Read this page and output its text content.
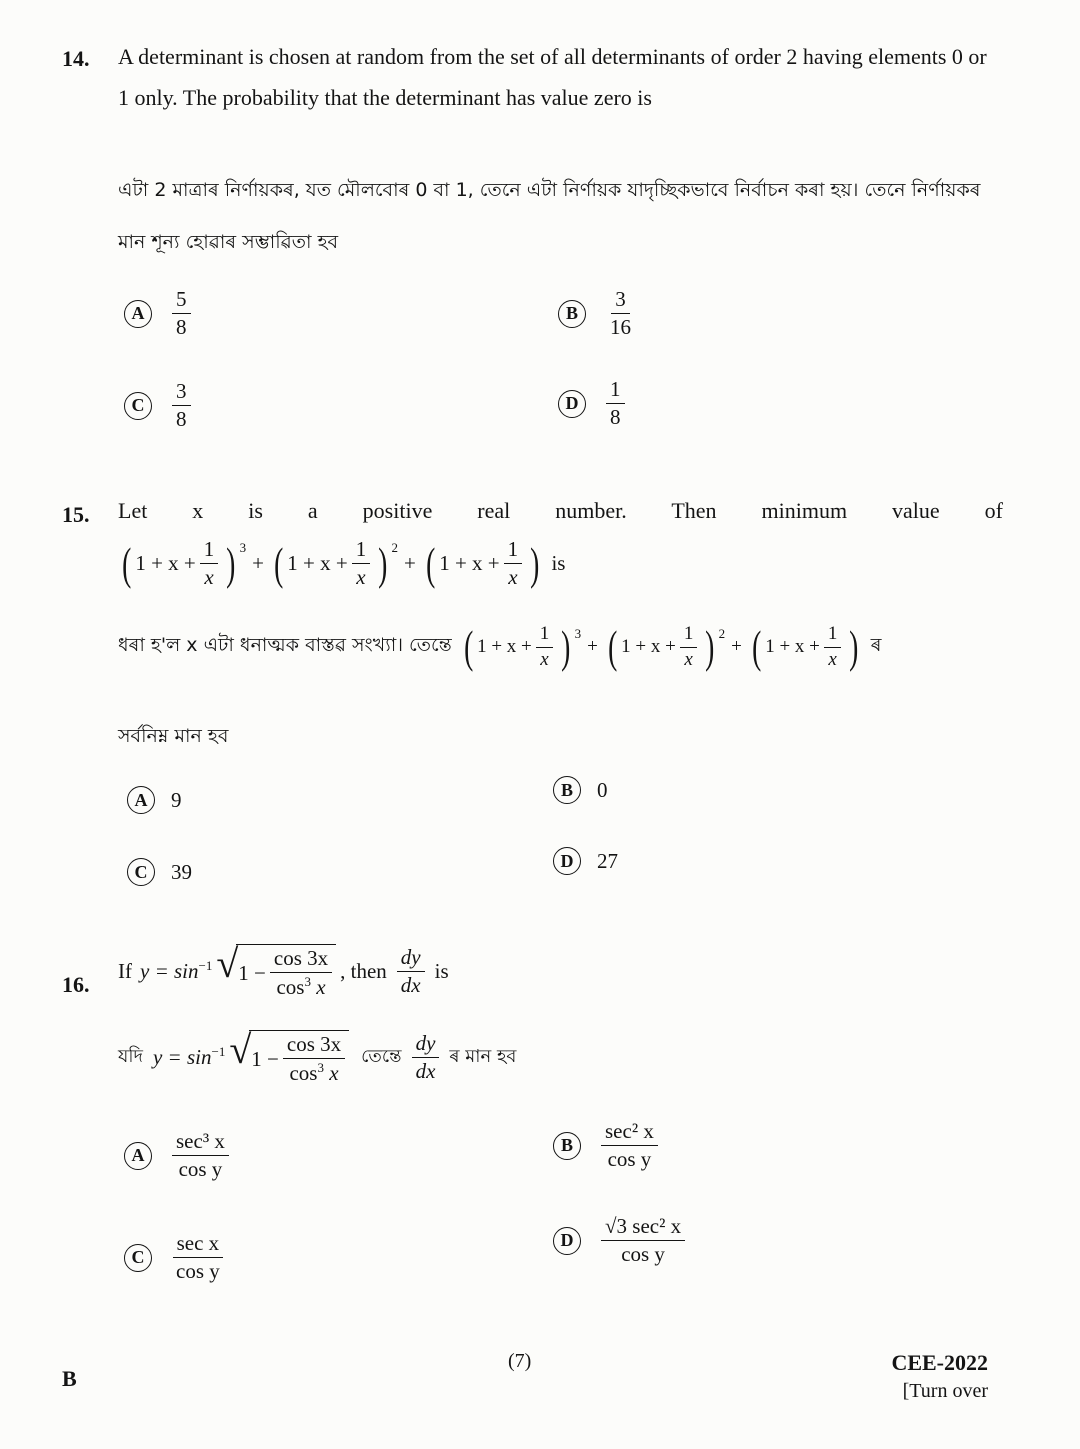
14. A determinant is chosen at random from the set of all determinants of order 2 having elements 0 or 1 only. The probability that the determinant has value zero is
এটা 2 মাত্ৰাৰ নিৰ্ণায়কৰ, যত মৌলবোৰ 0 বা 1, তেনে এটা নিৰ্ণায়ক যাদৃচ্ছিকভাবে নিৰ্বাচন কৰা হয়। তেনে নিৰ্ণায়কৰ মান শূন্য হোৱাৰ সম্ভাৱিতা হব
A	$\frac{5}{8}$	B	$\frac{3}{16}$
C	$\frac{3}{8}$	D	$\frac{1}{8}$
15. Let x is a positive real number. Then minimum value of
( $1 + x + \frac{1}{x}$ ) $^3$
+ ( $1 + x + \frac{1}{x}$ ) $^2$
+ ( $1 + x + \frac{1}{x}$ ) is
ধৰা হ'ল x এটা ধনাত্মক বাস্তৱ সংখ্যা। তেন্তে ( $1 + x + \frac{1}{x}$ ) $^3$
+ ( $1 + x + \frac{1}{x}$ ) $^2$
+ ( $1 + x + \frac{1}{x}$ ) ৰ
সৰ্বনিম্ন মান হব
A	9	B	0
C	39	D	27
16.
If $y = \sin^{-1}$ √ $1 - \frac{\cos 3x}{\cos^3 x}$ , then $\frac{dy}{dx}$ is
যদি $y = \sin^{-1}$ √ $1 - \frac{\cos 3x}{\cos^3 x}$ তেন্তে $\frac{dy}{dx}$ ৰ মান হব
A	$\frac{\text{sec³ x}}{\text{cos y}}$	B	$\frac{\text{sec² x}}{\text{cos y}}$
C	$\frac{\text{sec x}}{\text{cos y}}$	D	$\frac{\text{√3 sec² x}}{\text{cos y}}$
B
(7)	CEE-2022
[Turn over
